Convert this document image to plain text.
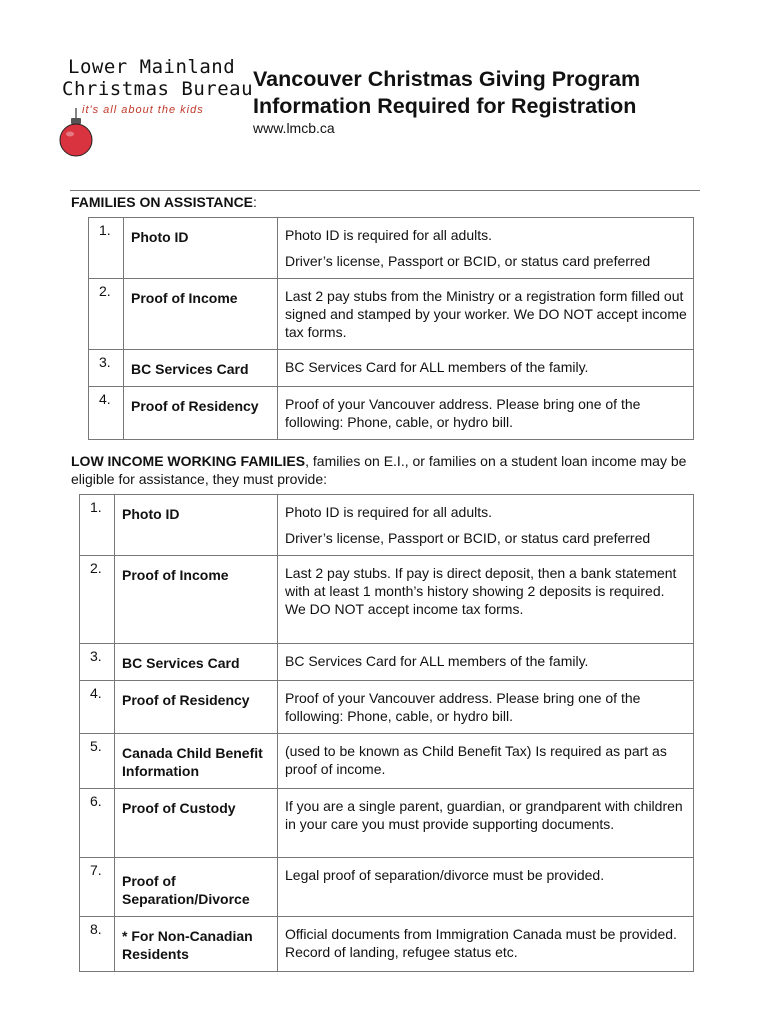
Lower Mainland
Christmas Bureau
it's all about the kids
Vancouver Christmas Giving Program
Information Required for Registration
www.lmcb.ca
FAMILIES ON ASSISTANCE:
1.	Photo ID	Photo ID is required for all adults.

Driver’s license, Passport or BCID, or status card preferred

2.	Proof of Income	Last 2 pay stubs from the Ministry or a registration form filled out signed and stamped by your worker. We DO NOT accept income tax forms.

3.	BC Services Card	BC Services Card for ALL members of the family.

4.	Proof of Residency	Proof of your Vancouver address. Please bring one of the following: Phone, cable, or hydro bill.

LOW INCOME WORKING FAMILIES, families on E.I., or families on a student loan income may be eligible for assistance, they must provide:
1.	Photo ID	Photo ID is required for all adults.

Driver’s license, Passport or BCID, or status card preferred

2.	Proof of Income	Last 2 pay stubs. If pay is direct deposit, then a bank statement with at least 1 month’s history showing 2 deposits is required. We DO NOT accept income tax forms.

3.	BC Services Card	BC Services Card for ALL members of the family.

4.	Proof of Residency	Proof of your Vancouver address. Please bring one of the following: Phone, cable, or hydro bill.

5.	Canada Child Benefit Information	(used to be known as Child Benefit Tax) Is required as part as proof of income.

6.	Proof of Custody	If you are a single parent, guardian, or grandparent with children in your care you must provide supporting documents.

7.	Proof of Separation/Divorce	Legal proof of separation/divorce must be provided.

8.	* For Non-Canadian Residents	Official documents from Immigration Canada must be provided. Record of landing, refugee status etc.
